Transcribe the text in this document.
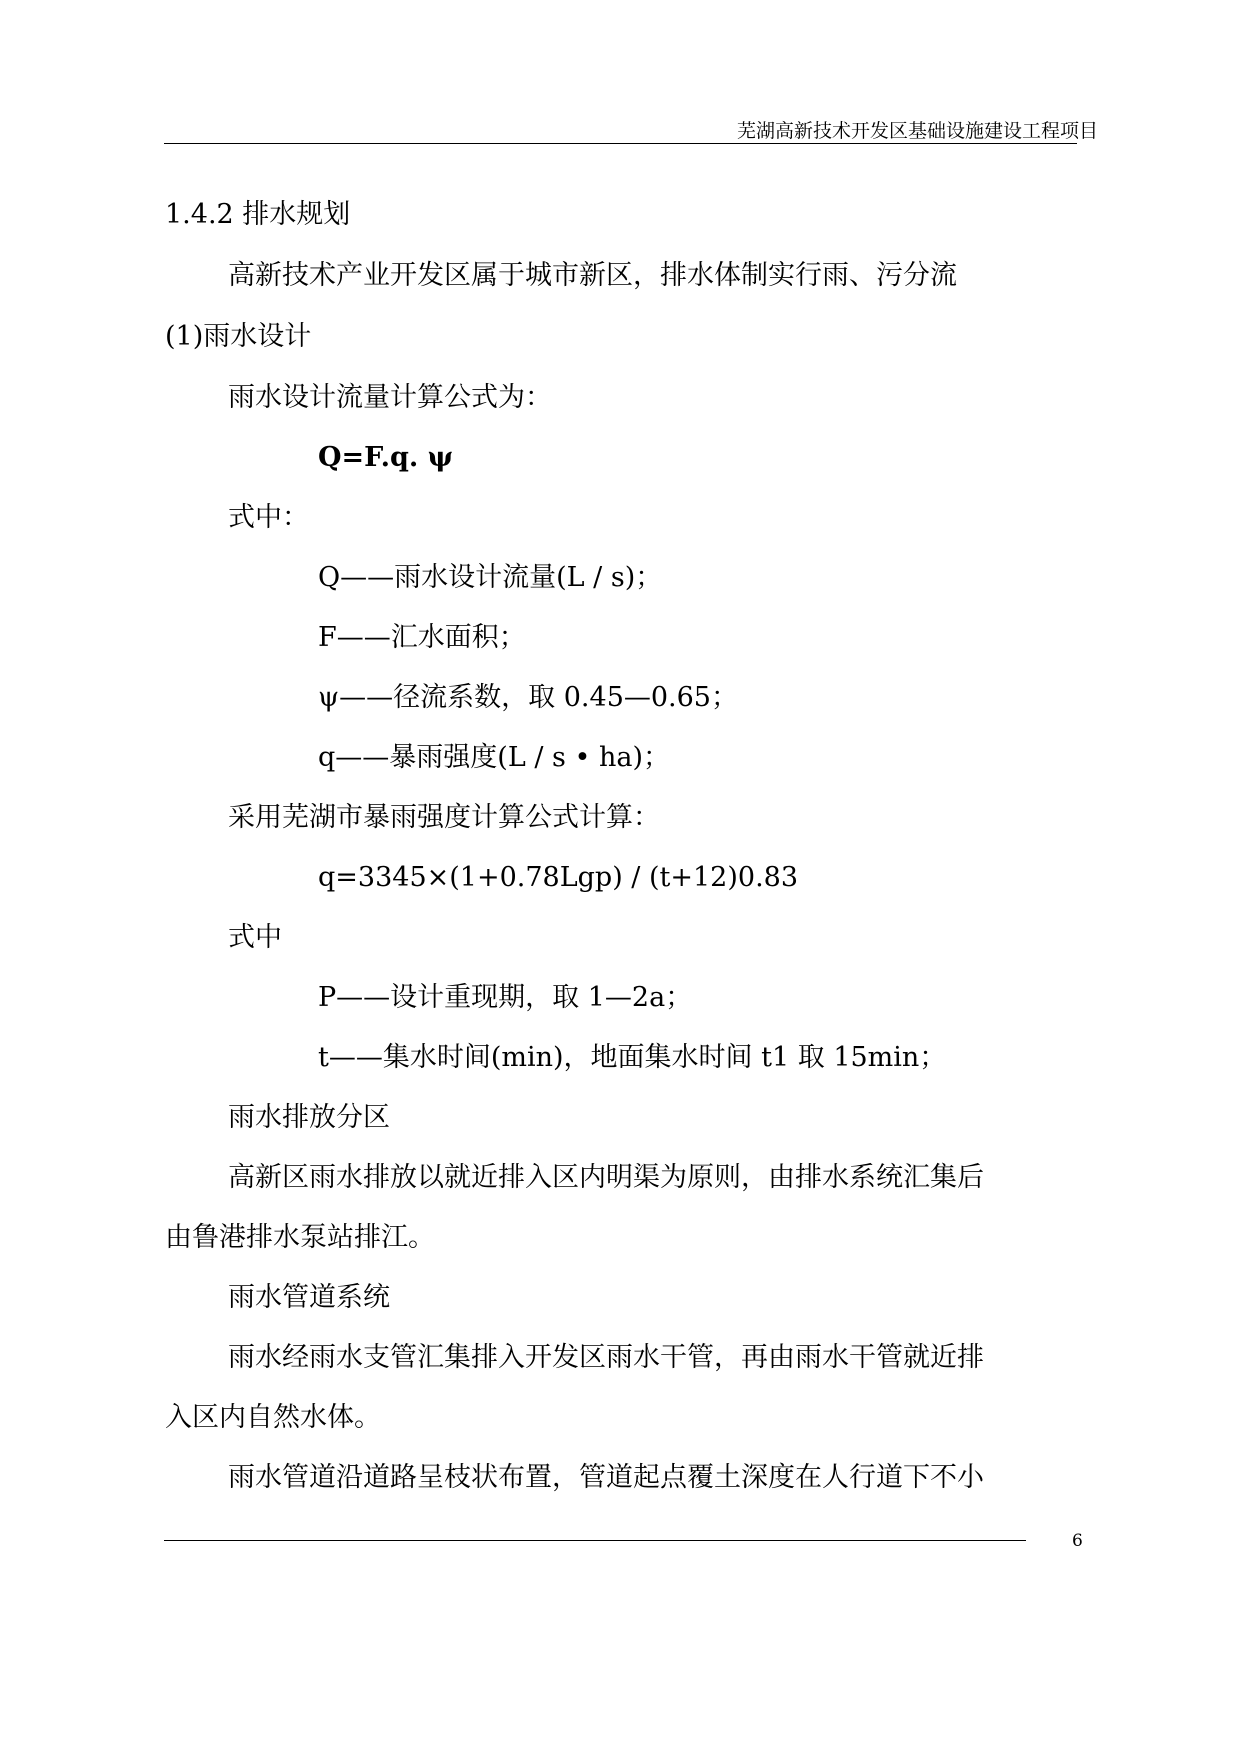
芜湖高新技术开发区基础设施建设工程项目
1.4.2 排水规划
高新技术产业开发区属于城市新区，排水体制实行雨、污分流
(1)雨水设计
雨水设计流量计算公式为：
Q=F.q. ψ
式中：
Q——雨水设计流量(L / s)；
F——汇水面积；
ψ——径流系数，取 0.45—0.65；
q——暴雨强度(L / s • ha)；
采用芜湖市暴雨强度计算公式计算：
q=3345×(1+0.78Lgp) / (t+12)0.83
式中
P——设计重现期，取 1—2a；
t——集水时间(min)，地面集水时间 t1 取 15min；
雨水排放分区
高新区雨水排放以就近排入区内明渠为原则，由排水系统汇集后
由鲁港排水泵站排江。
雨水管道系统
雨水经雨水支管汇集排入开发区雨水干管，再由雨水干管就近排
入区内自然水体。
雨水管道沿道路呈枝状布置，管道起点覆土深度在人行道下不小
6
